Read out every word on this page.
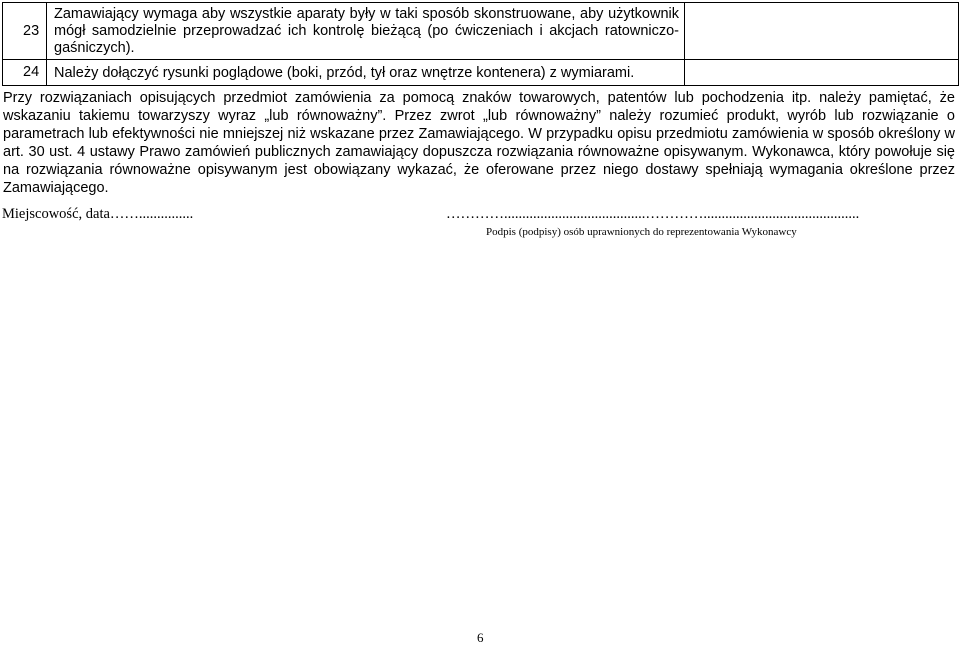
23	Zamawiający wymaga aby wszystkie aparaty były w taki sposób skonstruowane, aby użytkownik mógł samodzielnie przeprowadzać ich kontrolę bieżącą (po ćwiczeniach i akcjach ratowniczo-gaśniczych).	
24	Należy dołączyć rysunki poglądowe (boki, przód, tył oraz wnętrze kontenera) z wymiarami.	

Przy rozwiązaniach opisujących przedmiot zamówienia za pomocą znaków towarowych, patentów lub pochodzenia itp. należy pamiętać, że wskazaniu takiemu towarzyszy wyraz „lub równoważny”. Przez zwrot „lub równoważny” należy rozumieć produkt, wyrób lub rozwiązanie o parametrach lub efektywności nie mniejszej niż wskazane przez Zamawiającego. W przypadku opisu przedmiotu zamówienia w sposób określony w art. 30 ust. 4 ustawy Prawo zamówień publicznych zamawiający dopuszcza rozwiązania równoważne opisywanym. Wykonawca, który powołuje się na rozwiązania równoważne opisywanym jest obowiązany wykazać, że oferowane przez niego dostawy spełniają wymagania określone przez Zamawiającego.

Miejscowość, data……...............	………….......................................…………...........................................

Podpis (podpisy) osób uprawnionych do reprezentowania Wykonawcy

6
